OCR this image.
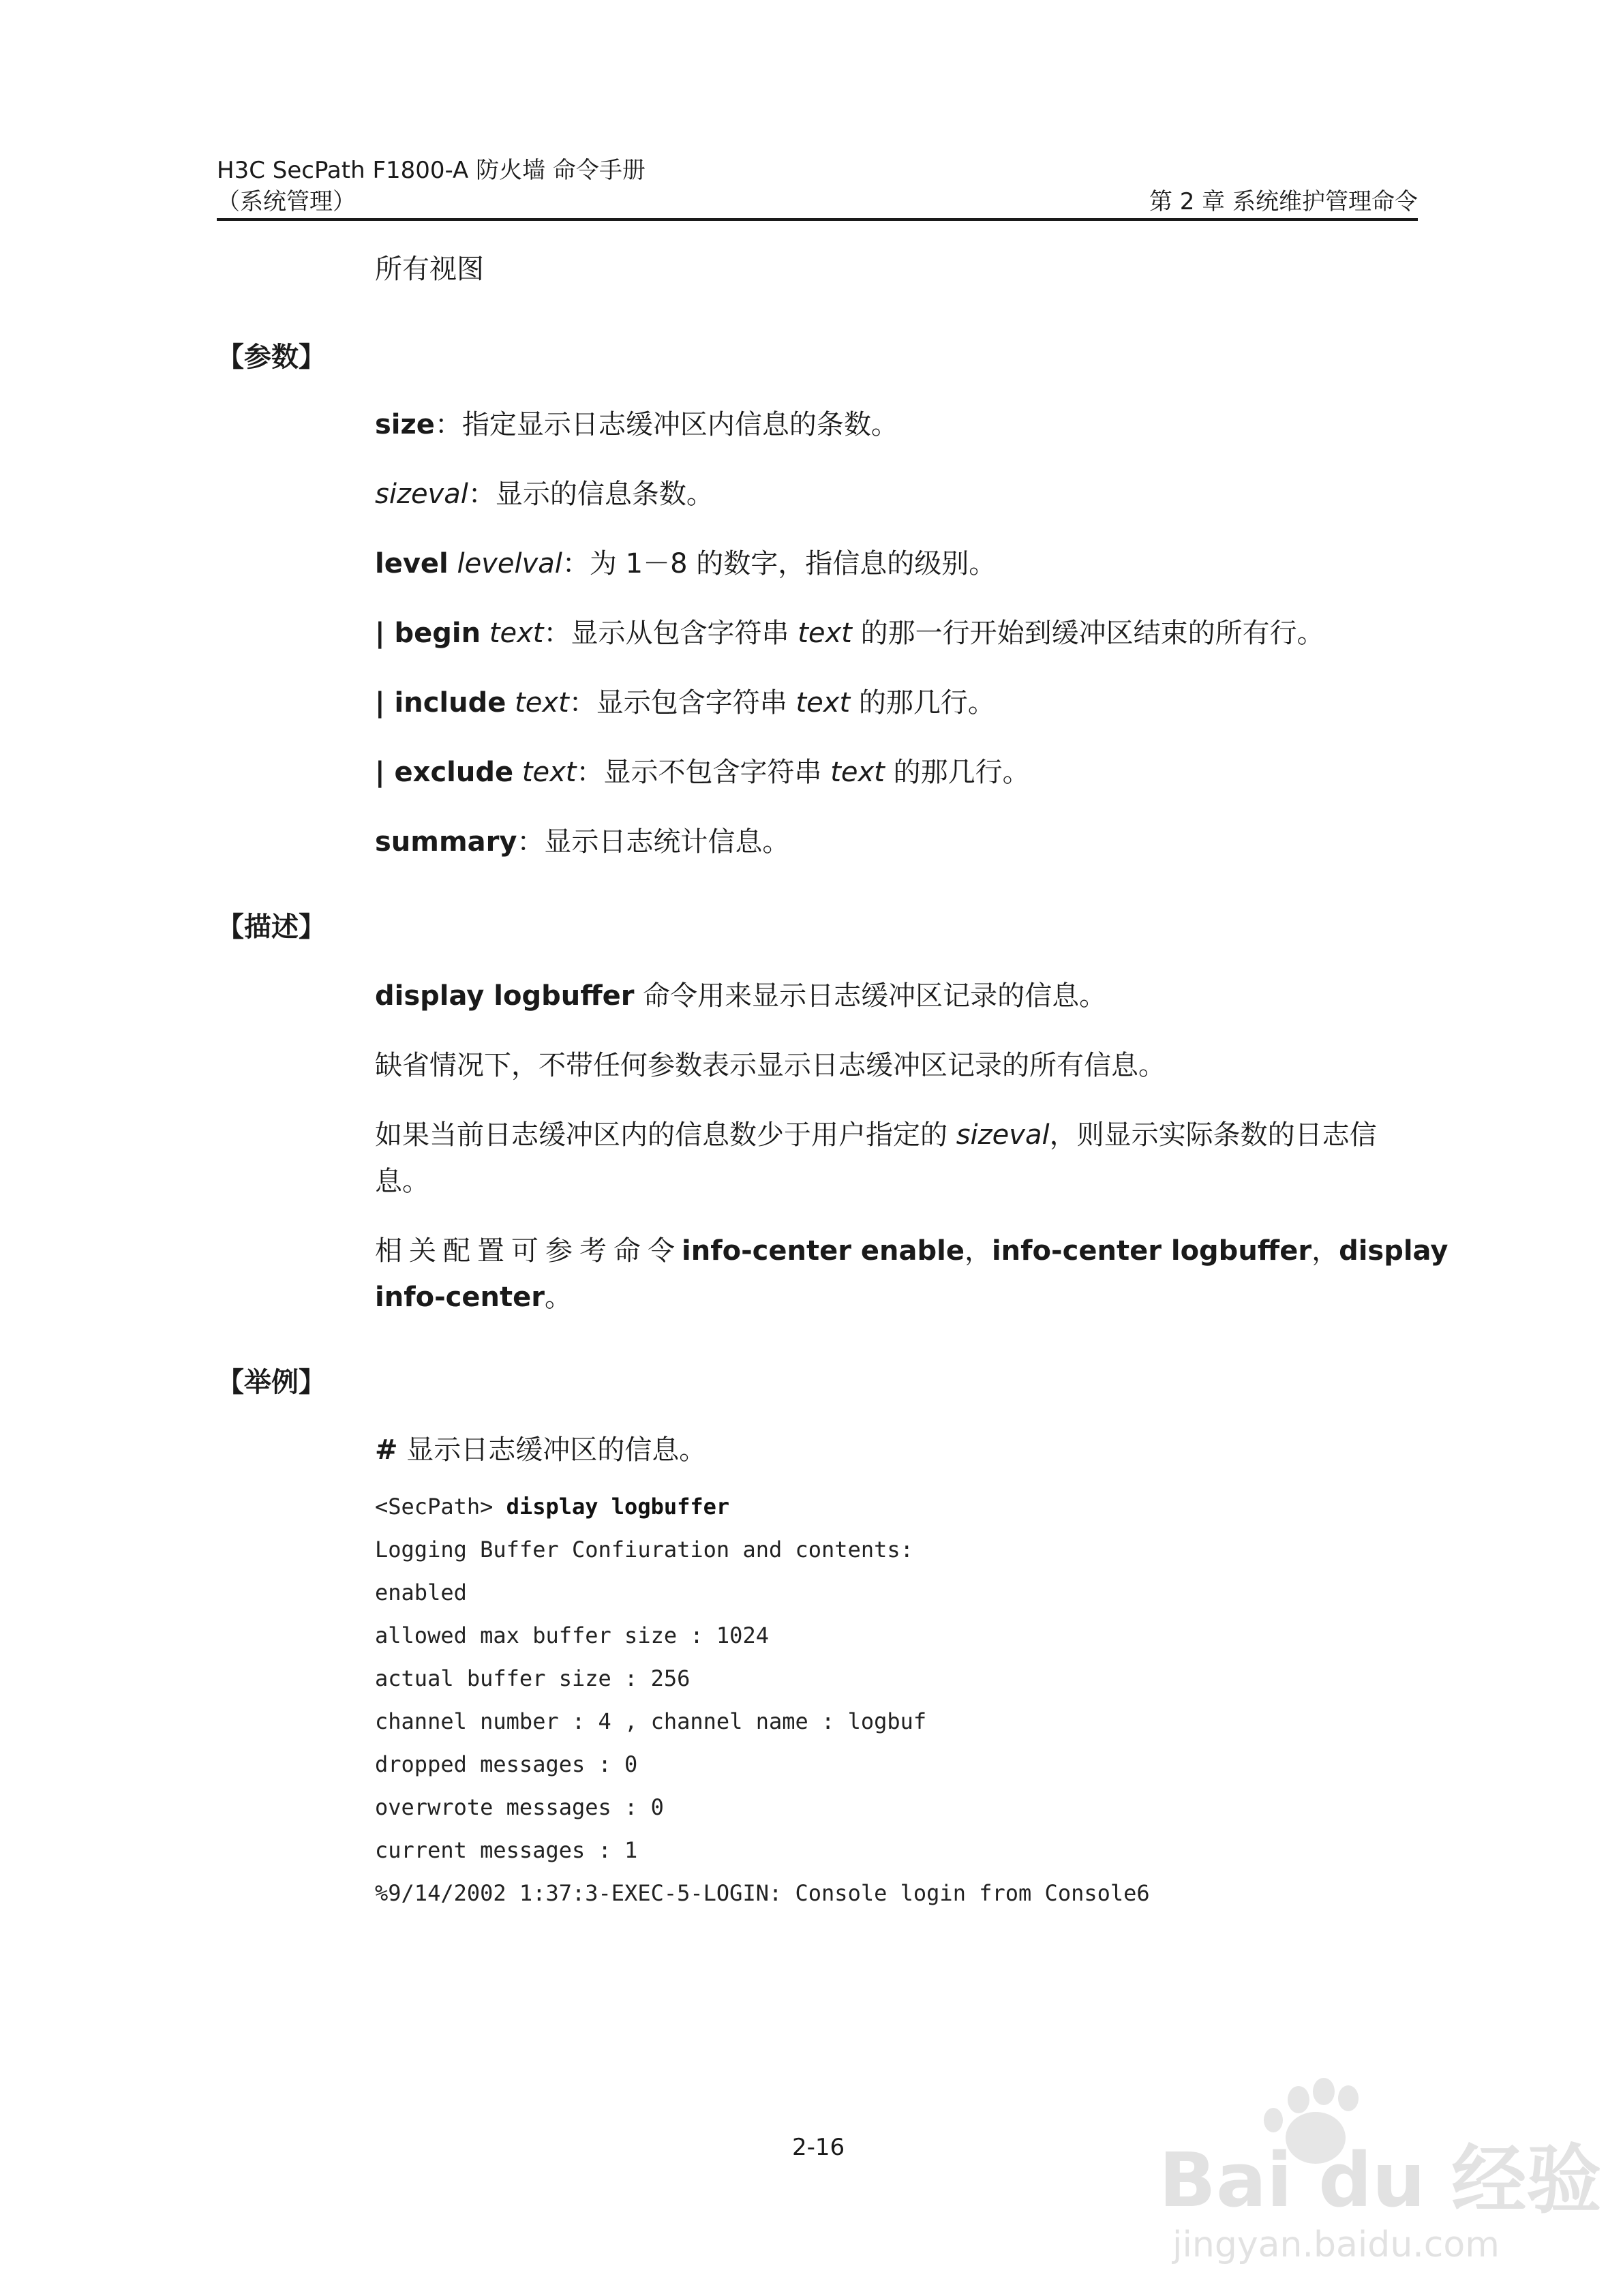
H3C SecPath F1800-A 防火墙 命令手册
（系统管理）	第 2 章 系统维护管理命令
所有视图
【参数】
size：指定显示日志缓冲区内信息的条数。
sizeval：显示的信息条数。
level levelval：为 1－8 的数字，指信息的级别。
| begin text：显示从包含字符串 text 的那一行开始到缓冲区结束的所有行。
| include text：显示包含字符串 text 的那几行。
| exclude text：显示不包含字符串 text 的那几行。
summary：显示日志统计信息。
【描述】
display logbuffer 命令用来显示日志缓冲区记录的信息。
缺省情况下，不带任何参数表示显示日志缓冲区记录的所有信息。
如果当前日志缓冲区内的信息数少于用户指定的 sizeval，则显示实际条数的日志信
息。
相关配置可参考命令 info-center enable， info-center logbuffer， display
info-center。
【举例】
# 显示日志缓冲区的信息。
<SecPath> display logbuffer
Logging Buffer Confiuration and contents:
enabled
allowed max buffer size : 1024
actual buffer size : 256
channel number : 4 , channel name : logbuf
dropped messages : 0
overwrote messages : 0
current messages : 1
%9/14/2002 1:37:3-EXEC-5-LOGIN: Console login from Console6
2-16	Bai du 经验
jingyan.baidu.com
